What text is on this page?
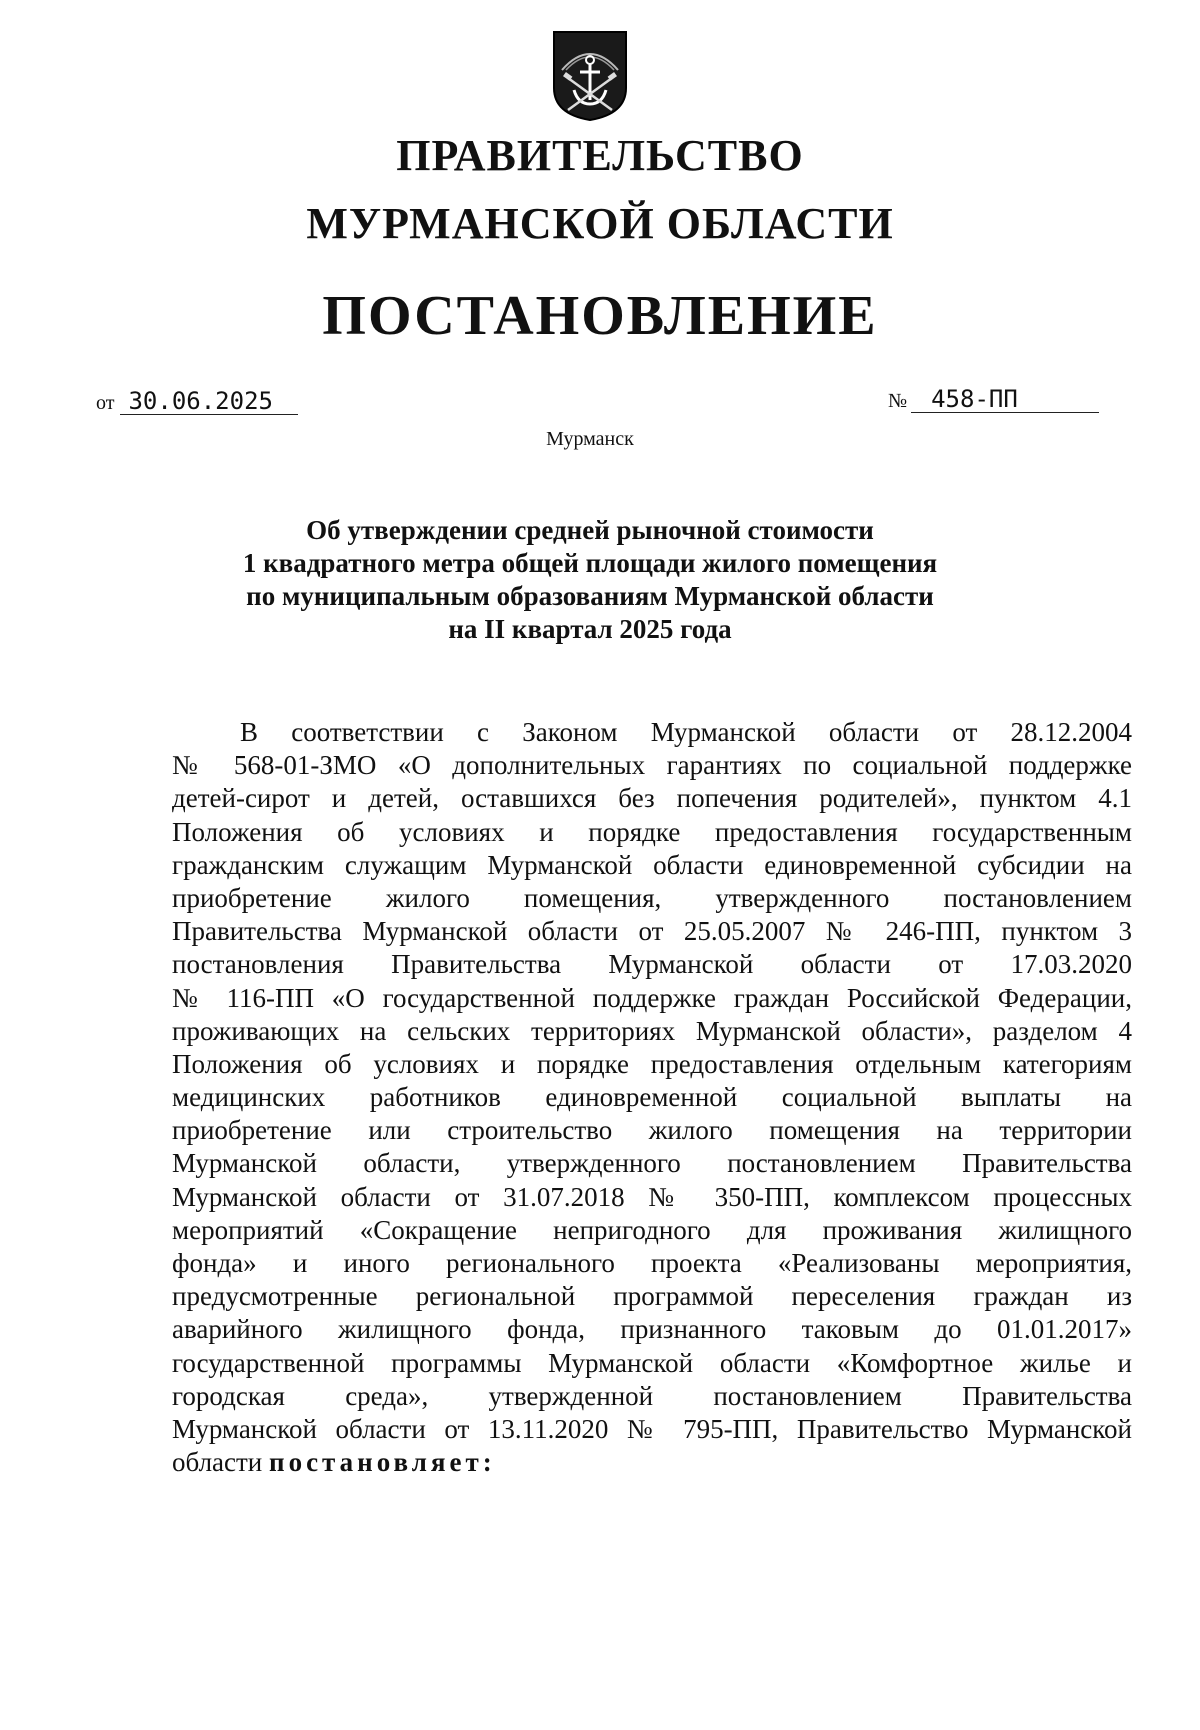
ПРАВИТЕЛЬСТВО
МУРМАНСКОЙ ОБЛАСТИ
ПОСТАНОВЛЕНИЕ
от 30.06.2025	№ 458-ПП
Мурманск
Об утверждении средней рыночной стоимости
1 квадратного метра общей площади жилого помещения
по муниципальным образованиям Мурманской области
на II квартал 2025 года
В соответствии с Законом Мурманской области от 28.12.2004
№ 568-01-ЗМО «О дополнительных гарантиях по социальной поддержке
детей-сирот и детей, оставшихся без попечения родителей», пунктом 4.1
Положения об условиях и порядке предоставления государственным
гражданским служащим Мурманской области единовременной субсидии на
приобретение жилого помещения, утвержденного постановлением
Правительства Мурманской области от 25.05.2007 № 246-ПП, пунктом 3
постановления Правительства Мурманской области от 17.03.2020
№ 116-ПП «О государственной поддержке граждан Российской Федерации,
проживающих на сельских территориях Мурманской области», разделом 4
Положения об условиях и порядке предоставления отдельным категориям
медицинских работников единовременной социальной выплаты на
приобретение или строительство жилого помещения на территории
Мурманской области, утвержденного постановлением Правительства
Мурманской области от 31.07.2018 № 350-ПП, комплексом процессных
мероприятий «Сокращение непригодного для проживания жилищного
фонда» и иного регионального проекта «Реализованы мероприятия,
предусмотренные региональной программой переселения граждан из
аварийного жилищного фонда, признанного таковым до 01.01.2017»
государственной программы Мурманской области «Комфортное жилье и
городская среда», утвержденной постановлением Правительства
Мурманской области от 13.11.2020 № 795-ПП, Правительство Мурманской
области постановляет:
